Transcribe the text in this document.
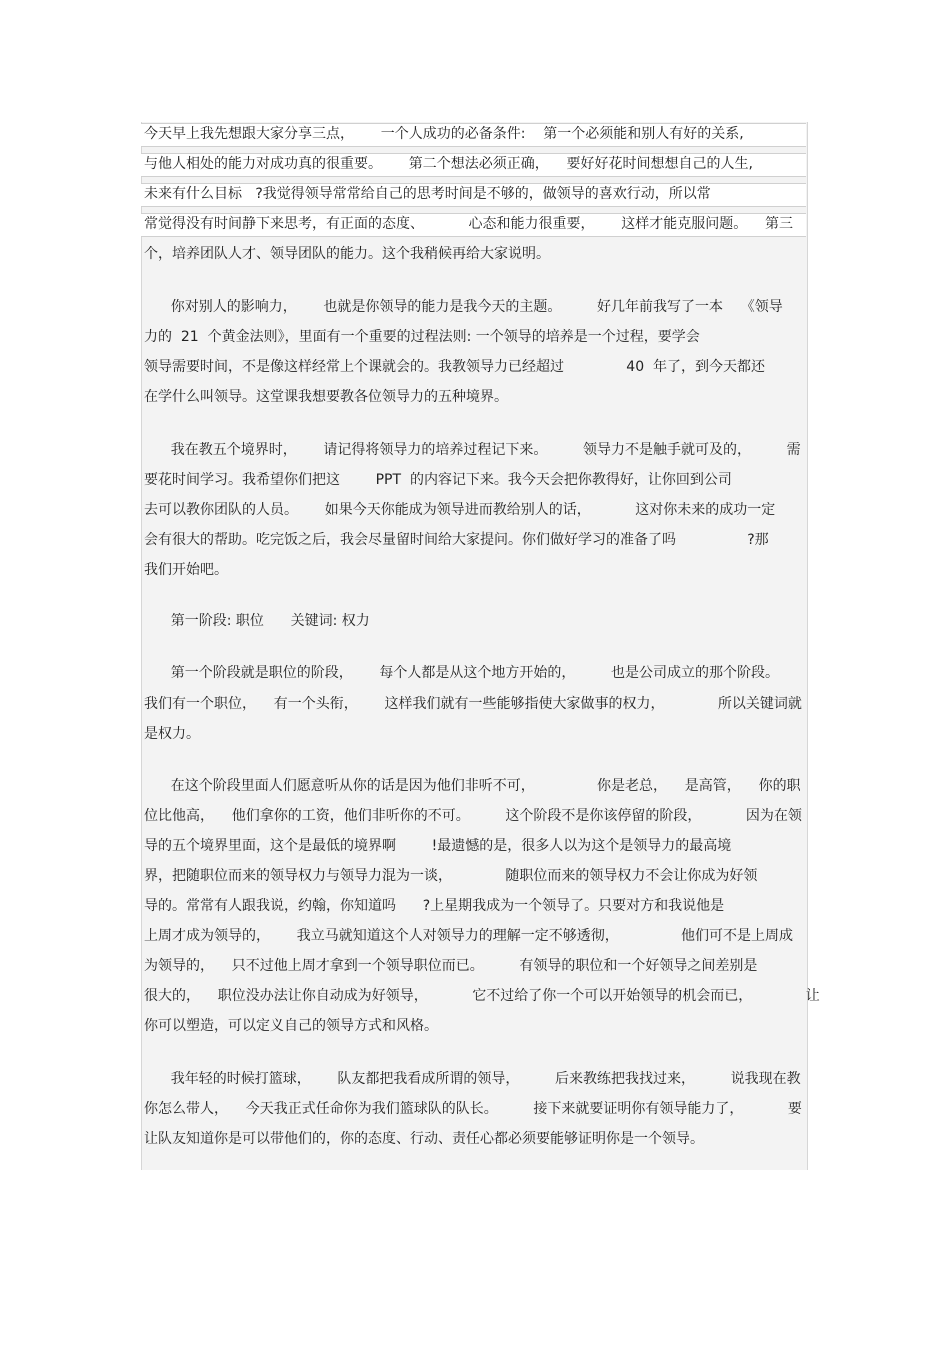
今天早上我先想跟大家分享三点，      一个人成功的必备条件:    第一个必须能和别人有好的关系,
与他人相处的能力对成功真的很重要。      第二个想法必须正确，    要好好花时间想想自己的人生,
未来有什么目标   ?我觉得领导常常给自己的思考时间是不够的，做领导的喜欢行动，所以常
常觉得没有时间静下来思考，有正面的态度、          心态和能力很重要，      这样才能克服问题。    第三
个，培养团队人才、领导团队的能力。这个我稍候再给大家说明。
你对别人的影响力，      也就是你领导的能力是我今天的主题。        好几年前我写了一本    《领导
力的  21  个黄金法则》，里面有一个重要的过程法则: 一个领导的培养是一个过程，要学会
领导需要时间，不是像这样经常上个课就会的。我教领导力已经超过              40  年了，到今天都还
在学什么叫领导。这堂课我想要教各位领导力的五种境界。
我在教五个境界时，      请记得将领导力的培养过程记下来。        领导力不是触手就可及的，        需
要花时间学习。我希望你们把这        PPT  的内容记下来。我今天会把你教得好，让你回到公司
去可以教你团队的人员。      如果今天你能成为领导进而教给别人的话，          这对你未来的成功一定
会有很大的帮助。吃完饭之后，我会尽量留时间给大家提问。你们做好学习的准备了吗                ?那
我们开始吧。
第一阶段: 职位      关键词: 权力
第一个阶段就是职位的阶段，      每个人都是从这个地方开始的，        也是公司成立的那个阶段。
我们有一个职位，    有一个头衔，      这样我们就有一些能够指使大家做事的权力，            所以关键词就
是权力。
在这个阶段里面人们愿意听从你的话是因为他们非听不可，              你是老总，    是高管，    你的职
位比他高，    他们拿你的工资，他们非听你的不可。        这个阶段不是你该停留的阶段，          因为在领
导的五个境界里面，这个是最低的境界啊        !最遗憾的是，很多人以为这个是领导力的最高境
界，把随职位而来的领导权力与领导力混为一谈，            随职位而来的领导权力不会让你成为好领
导的。常常有人跟我说，约翰，你知道吗      ?上星期我成为一个领导了。只要对方和我说他是
上周才成为领导的，      我立马就知道这个人对领导力的理解一定不够透彻，              他们可不是上周成
为领导的，    只不过他上周才拿到一个领导职位而已。        有领导的职位和一个好领导之间差别是
很大的，    职位没办法让你自动成为好领导，          它不过给了你一个可以开始领导的机会而已，            让
你可以塑造，可以定义自己的领导方式和风格。
我年轻的时候打篮球，      队友都把我看成所谓的领导，        后来教练把我找过来，        说我现在教
你怎么带人，    今天我正式任命你为我们篮球队的队长。        接下来就要证明你有领导能力了，          要
让队友知道你是可以带他们的，你的态度、行动、责任心都必须要能够证明你是一个领导。
